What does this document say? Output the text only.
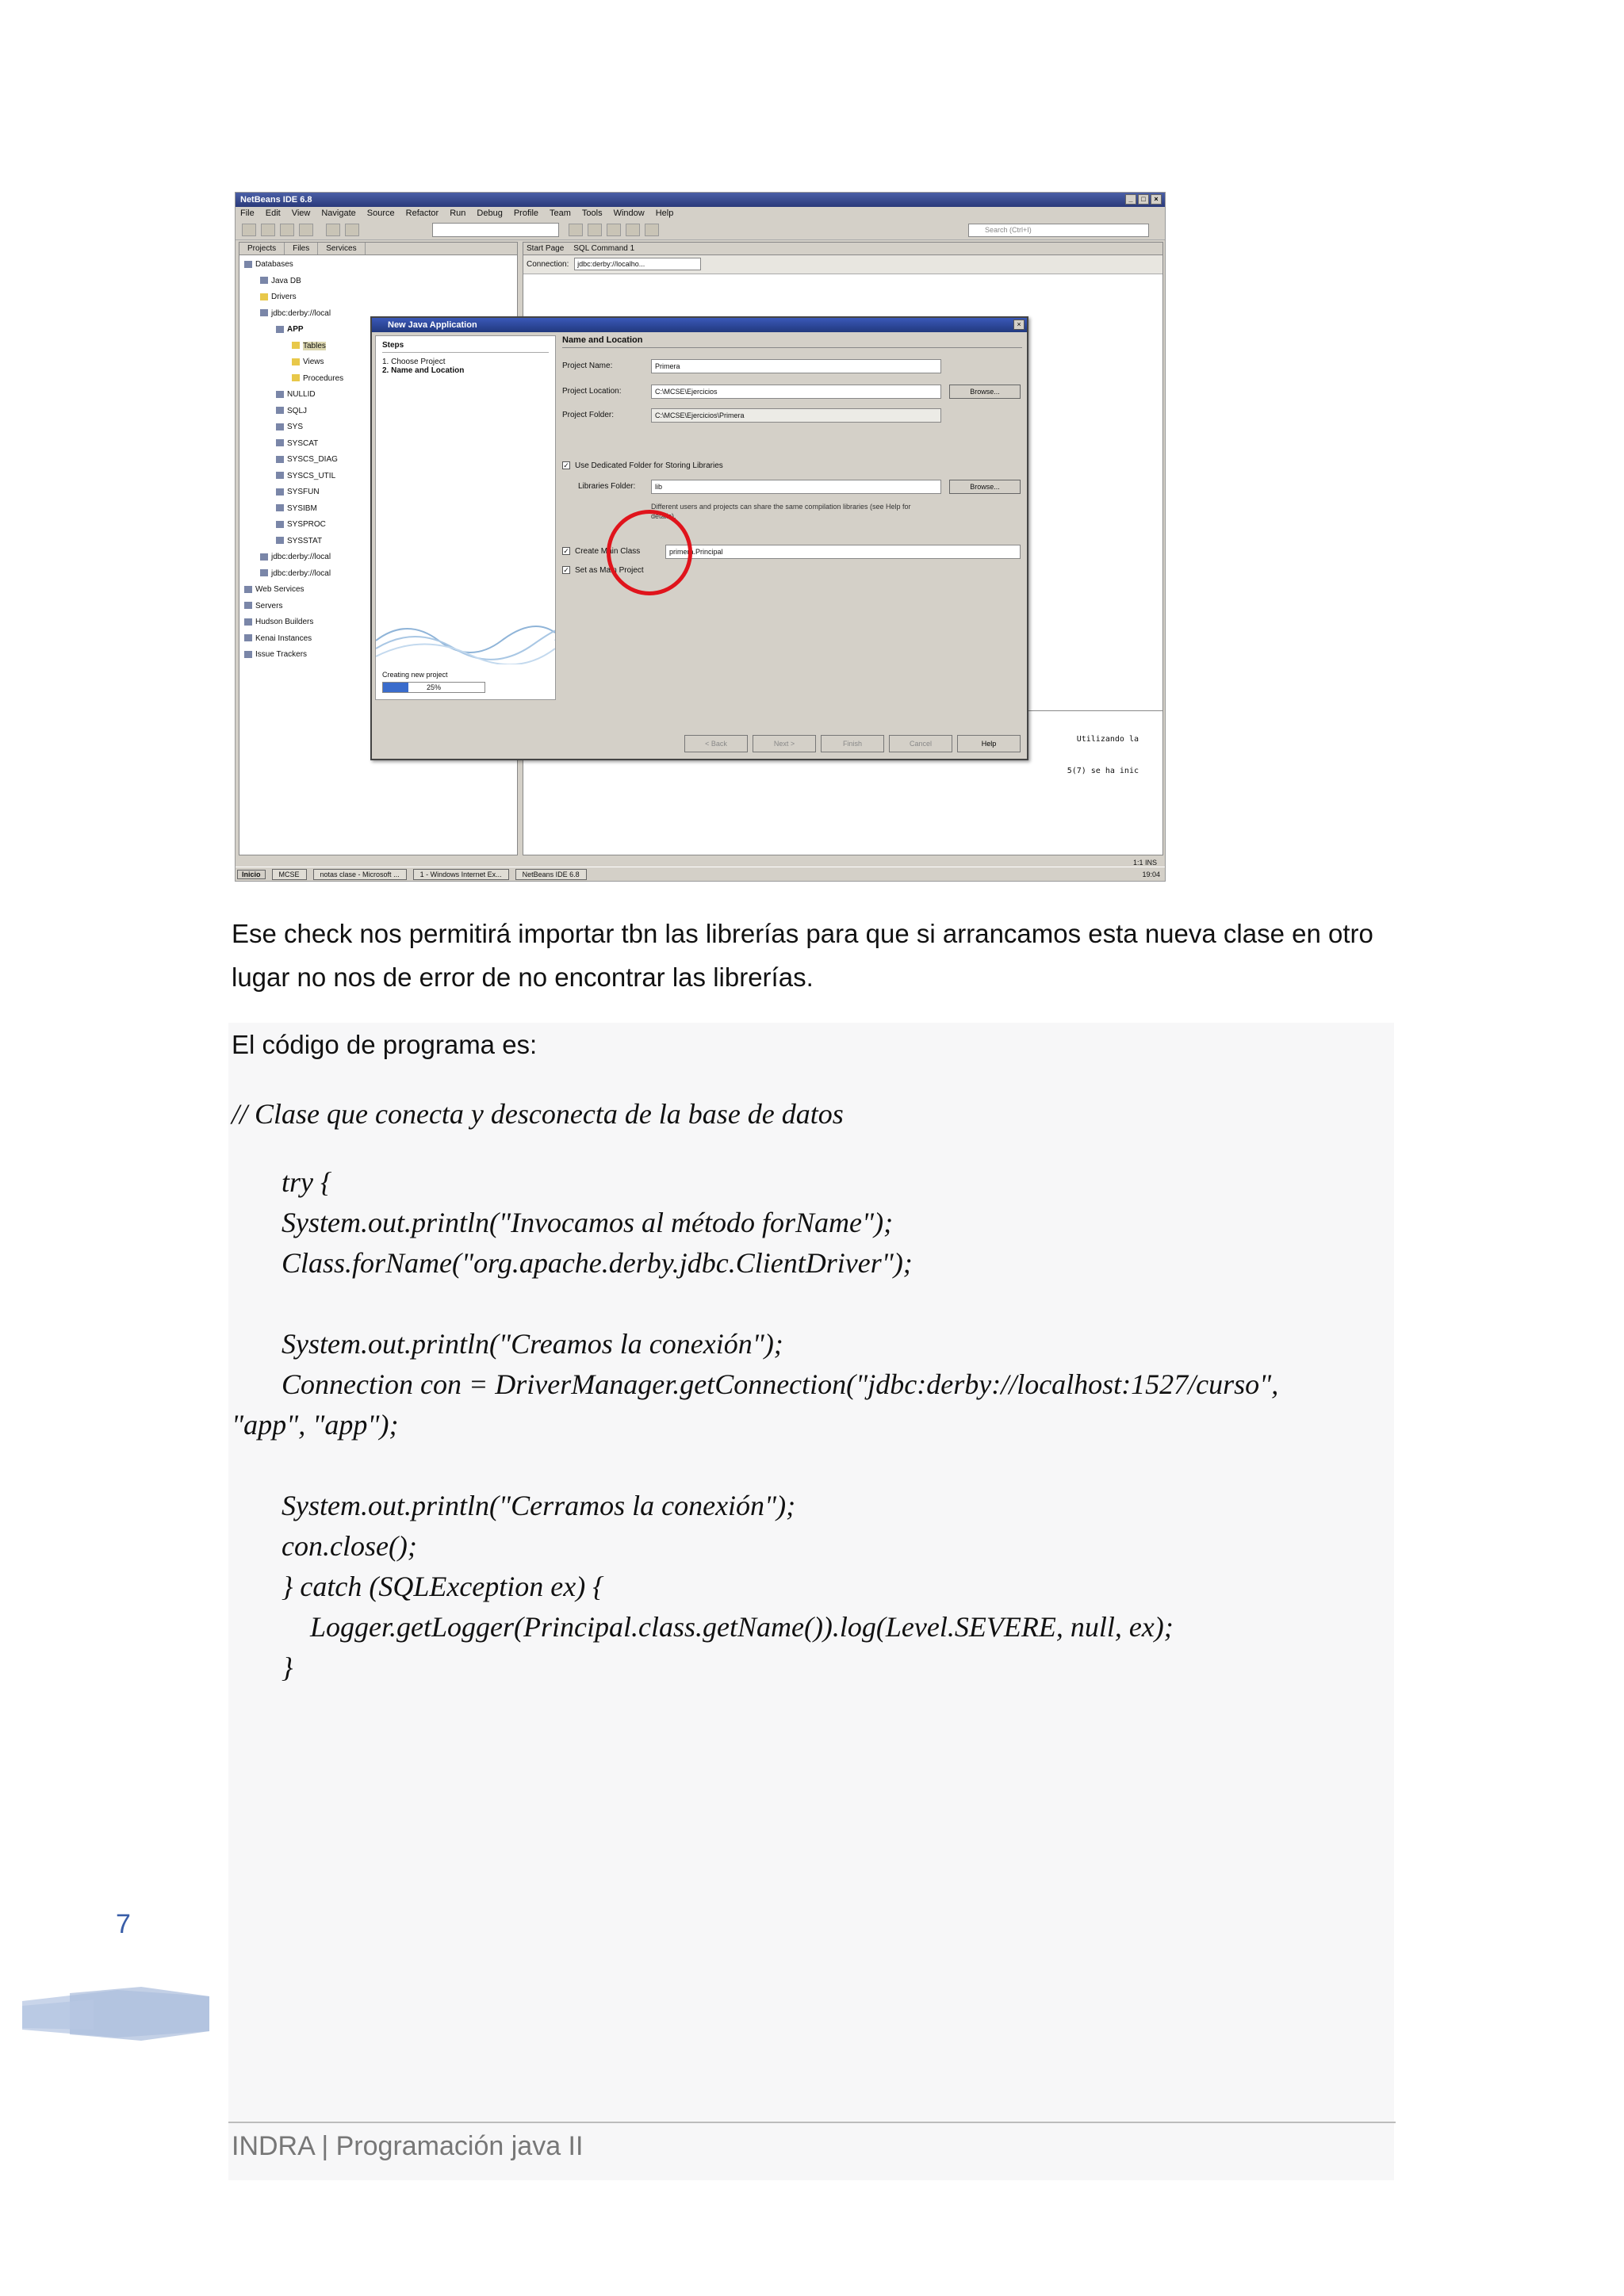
NetBeans IDE 6.8	_	□	×
File Edit View Navigate Source Refactor Run Debug Profile Team Tools Window Help
Search (Ctrl+I)
Projects	Files	Services
Databases
Java DB
Drivers
jdbc:derby://local
APP
Tables
Views
Procedures
NULLID
SQLJ
SYS
SYSCAT
SYSCS_DIAG
SYSCS_UTIL
SYSFUN
SYSIBM
SYSPROC
SYSSTAT
jdbc:derby://local
jdbc:derby://local
Web Services
Servers
Hudson Builders
Kenai Instances
Issue Trackers
Start Page SQL Command 1
Connection: jdbc:derby://localho...
Utilizando la
5(7) se ha inic
1:1 INS
Inicio	MCSE	notas clase - Microsoft ...	1 - Windows Internet Ex...	NetBeans IDE 6.8	19:04
New Java Application	×
Steps
1. Choose Project
2. Name and Location
Creating new project
25%
Name and Location
Project Name:	Primera
Project Location:	C:\MCSE\Ejercicios	Browse...
Project Folder:	C:\MCSE\Ejercicios\Primera
✓ Use Dedicated Folder for Storing Libraries
Libraries Folder:	lib	Browse...
Different users and projects can share the same compilation libraries (see Help for details).
✓ Create Main Class	primera.Principal
✓ Set as Main Project
< Back	Next >	Finish	Cancel	Help
Ese check nos permitirá importar tbn las librerías para que si arrancamos esta nueva clase en otro lugar no nos de error de no encontrar las librerías.
El código de programa es:
// Clase que conecta y desconecta de la base de datos
try {
System.out.println("Invocamos al método forName");
Class.forName("org.apache.derby.jdbc.ClientDriver");
System.out.println("Creamos la conexión");
Connection con = DriverManager.getConnection("jdbc:derby://localhost:1527/curso",
"app", "app");
System.out.println("Cerramos la conexión");
con.close();
} catch (SQLException ex) {
Logger.getLogger(Principal.class.getName()).log(Level.SEVERE, null, ex);
}
7
INDRA | Programación java II
